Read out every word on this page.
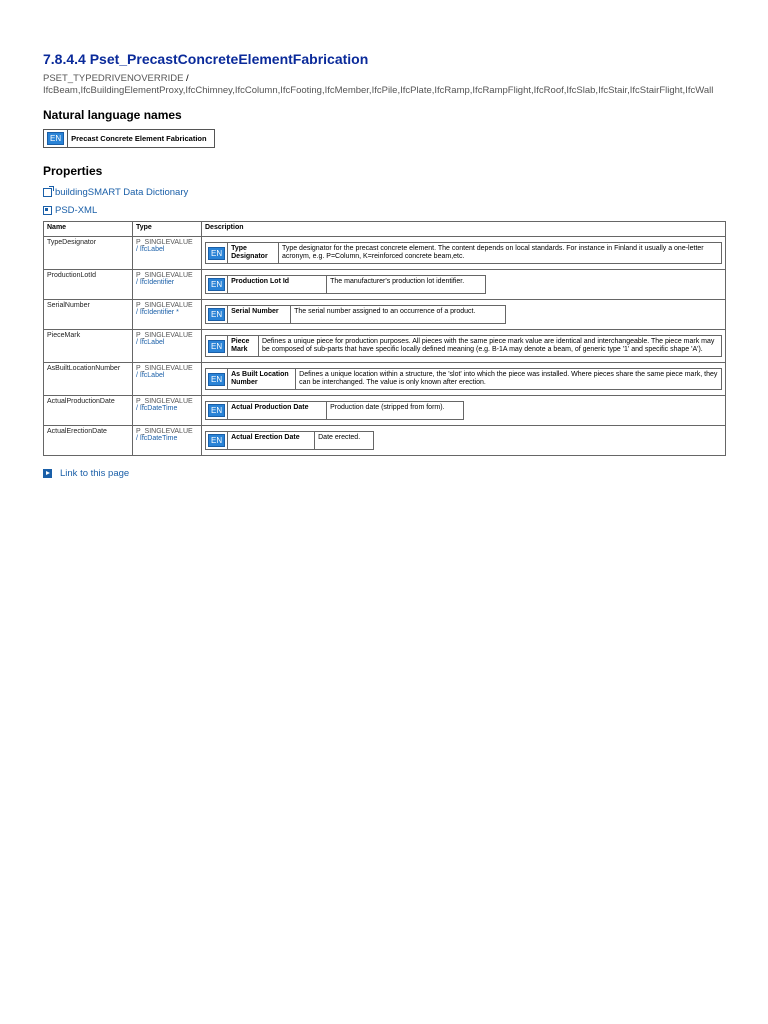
7.8.4.4 Pset_PrecastConcreteElementFabrication
PSET_TYPEDRIVENOVERRIDE /
IfcBeam,IfcBuildingElementProxy,IfcChimney,IfcColumn,IfcFooting,IfcMember,IfcPile,IfcPlate,IfcRamp,IfcRampFlight,IfcRoof,IfcSlab,IfcStair,IfcStairFlight,IfcWall
Natural language names
EN	Precast Concrete Element Fabrication
Properties
buildingSMART Data Dictionary
PSD-XML
Name	Type	Description
TypeDesignator	P_SINGLEVALUE
/ IfcLabel
		EN	Type Designator	Type designator for the precast concrete element. The content depends on local standards. For instance in Finland it usually a one-letter acronym, e.g. P=Column, K=reinforced concrete beam,etc.

ProductionLotId	P_SINGLEVALUE
/ IfcIdentifier
		EN	Production Lot Id	The manufacturer's production lot identifier.

SerialNumber	P_SINGLEVALUE
/ IfcIdentifier *
		EN	Serial Number	The serial number assigned to an occurrence of a product.

PieceMark	P_SINGLEVALUE
/ IfcLabel
		EN	Piece Mark	Defines a unique piece for production purposes. All pieces with the same piece mark value are identical and interchangeable. The piece mark may be composed of sub-parts that have specific locally defined meaning (e.g. B-1A may denote a beam, of generic type '1' and specific shape 'A').

AsBuiltLocationNumber	P_SINGLEVALUE
/ IfcLabel
		EN	As Built Location Number	Defines a unique location within a structure, the 'slot' into which the piece was installed. Where pieces share the same piece mark, they can be interchanged. The value is only known after erection.

ActualProductionDate	P_SINGLEVALUE
/ IfcDateTime
		EN	Actual Production Date	Production date (stripped from form).

ActualErectionDate	P_SINGLEVALUE
/ IfcDateTime
		EN	Actual Erection Date	Date erected.
Link to this page
